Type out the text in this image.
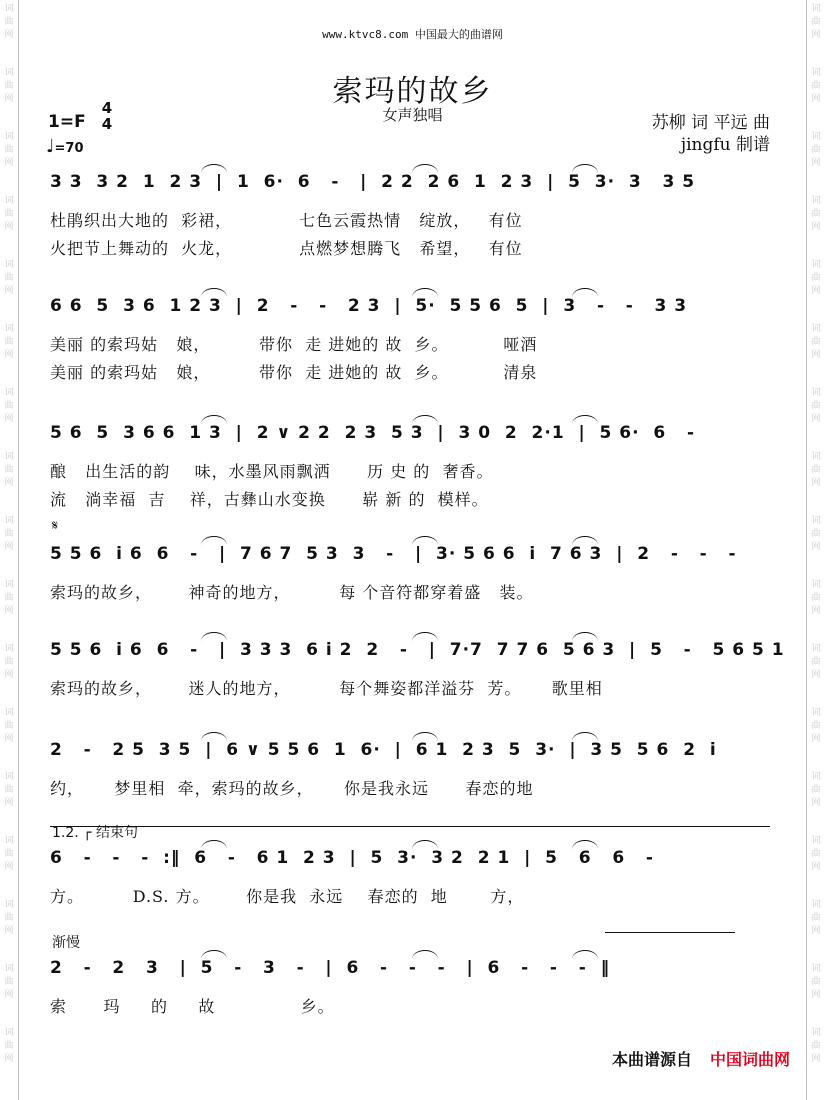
词
曲
网
词
曲
网
词
曲
网
词
曲
网
词
曲
网
词
曲
网
词
曲
网
词
曲
网
词
曲
网
词
曲
网
词
曲
网
词
曲
网
词
曲
网
词
曲
网
词
曲
网
词
曲
网
词
曲
网
词
曲
网
词
曲
网
词
曲
网
词
曲
网
词
曲
网
词
曲
网
词
曲
网
词
曲
网
词
曲
网
词
曲
网
词
曲
网
词
曲
网
词
曲
网
词
曲
网
词
曲
网
词
曲
网
词
曲
网
www.ktvc8.com 中国最大的曲谱网
索玛的故乡
女声独唱
1=F
4
4
♩=70
苏柳 词 平远 曲
jingfu 制谱
3 3  3 2  1  2 3  |  1  6·  6   -   |  2 2  2 6  1  2 3  |  5  3·  3   3 5
杜鹃织出大地的  彩裙，           七色云霞热情   绽放，   有位
火把节上舞动的  火龙，           点燃梦想腾飞   希望，   有位
6 6  5  3 6  1 2 3  |  2   -   -   2 3  |  5·  5 5 6  5  |  3   -   -   3 3
美丽 的索玛姑   娘，        带你  走 进她的 故  乡。         哑酒
美丽 的索玛姑   娘，        带你  走 进她的 故  乡。         清泉
5 6  5  3 6 6  1 3  |  2 ∨ 2 2  2 3  5 3  |  3 0  2  2·1  |  5 6·  6   -
酿   出生活的韵    味，水墨风雨飘洒      历 史 的  奢香。
流   淌幸福  吉    祥，古彝山水变换      崭 新 的  模样。
𝄋
5 5 6  i 6  6   -   |  7 6 7  5 3  3   -   |  3· 5 6 6  i  7 6 3  |  2   -   -   -
索玛的故乡，      神奇的地方，        每 个音符都穿着盛   装。
5 5 6  i 6  6   -   |  3 3 3  6 i 2  2   -   |  7·7  7 7 6  5 6 3  |  5   -   5 6 5 1
索玛的故乡，      迷人的地方，        每个舞姿都洋溢芬  芳。     歌里相
2   -   2 5  3 5  |  6 ∨ 5 5 6  1  6·  |  6 1  2 3  5  3·  |  3 5  5 6  2  i
约，     梦里相  牵，索玛的故乡，     你是我永远      春恋的地
1.2. ┌ 结束句
6   -   -   -  :‖  6   -   6 1  2 3  |  5  3·  3 2  2 1  |  5   6   6   -
方。        D.S. 方。      你是我  永远    春恋的  地       方，
渐慢
2   -   2   3   |  5   -   3   -   |  6   -   -   -   |  6   -   -   -  ‖
索      玛     的     故              乡。
本曲谱源自 中国词曲网
